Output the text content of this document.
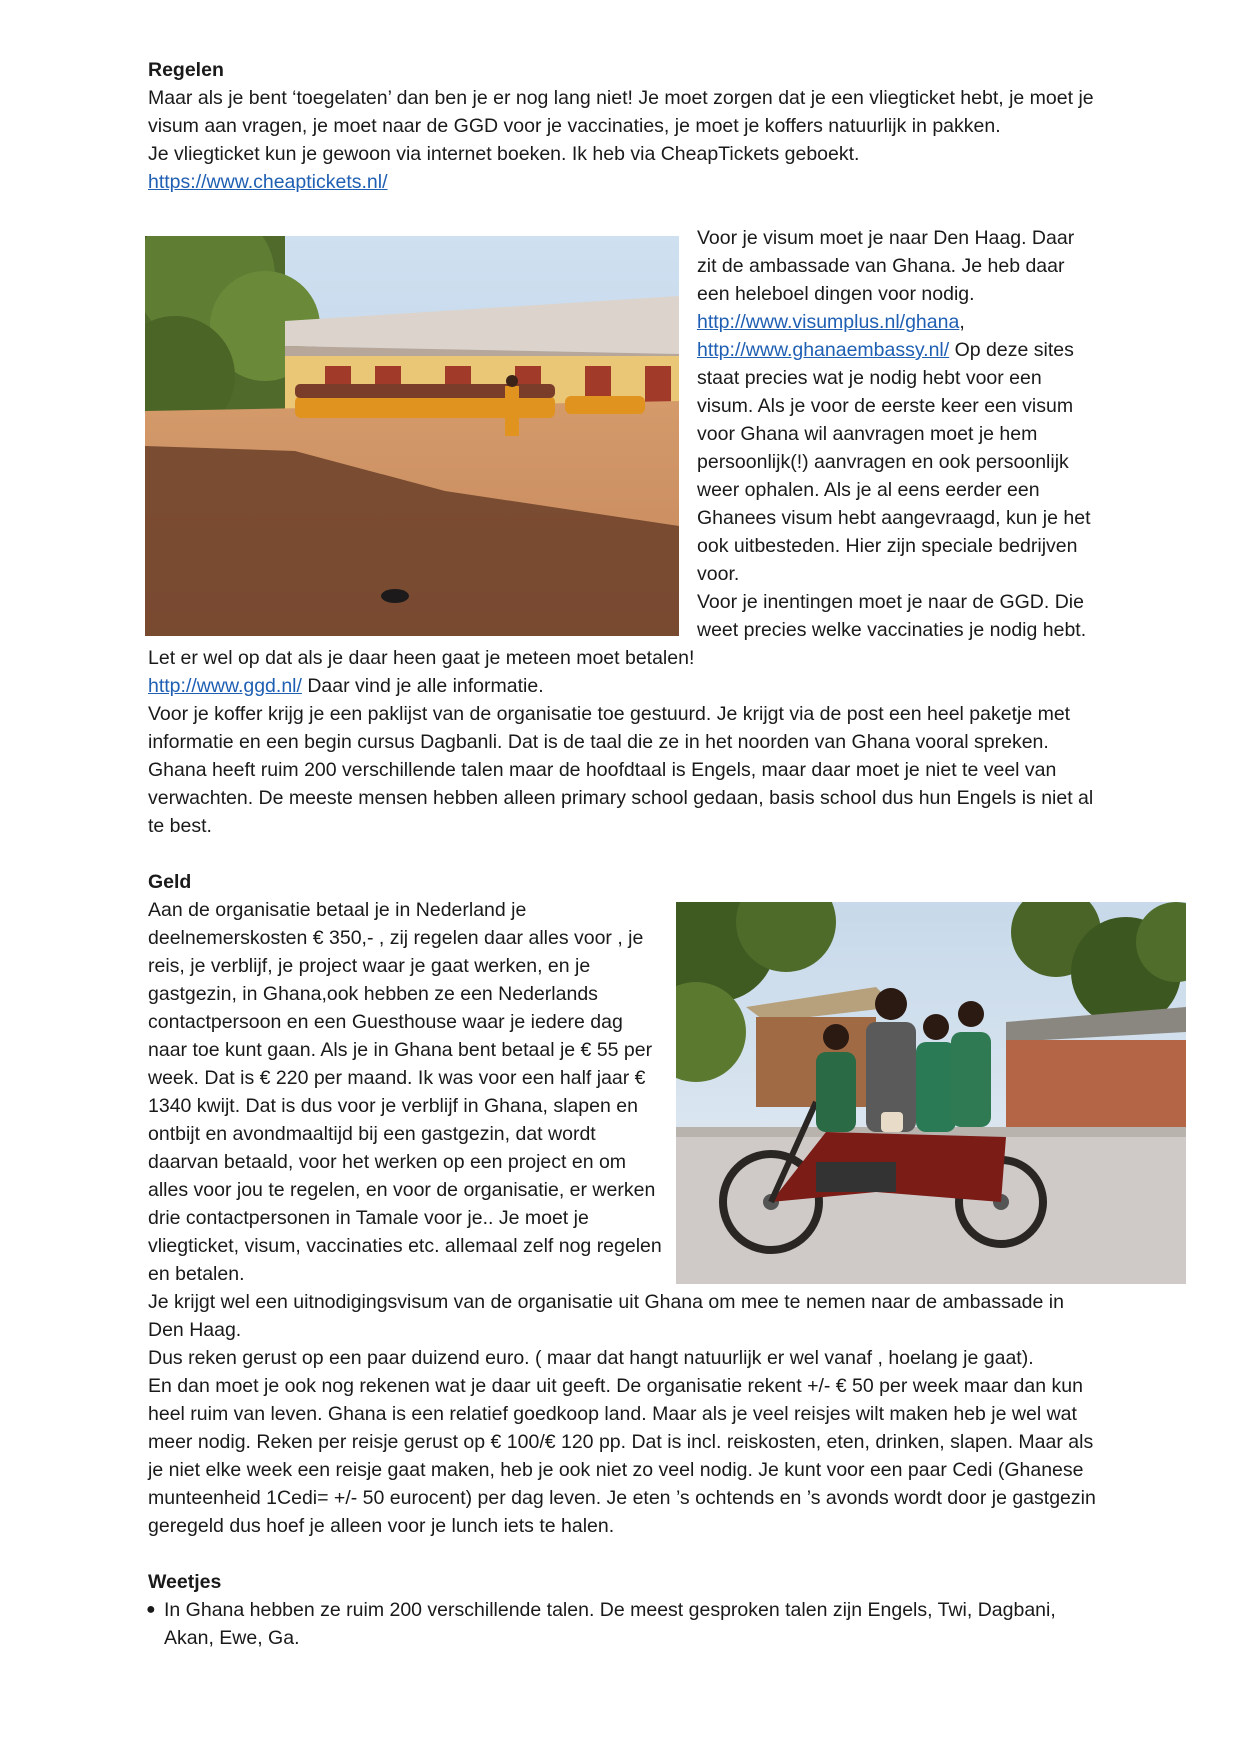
Regelen

Maar als je bent ‘toegelaten’ dan ben je er nog lang niet! Je moet zorgen dat je een vliegticket hebt, je moet je visum aan vragen, je moet naar de GGD voor je vaccinaties, je moet je koffers natuurlijk in pakken.

Je vliegticket kun je gewoon via internet boeken. Ik heb via CheapTickets geboekt.

https://www.cheaptickets.nl/

Voor je visum moet je naar Den Haag. Daar zit de ambassade van Ghana. Je heb daar een heleboel dingen voor nodig.
http://www.visumplus.nl/ghana,
http://www.ghanaembassy.nl/ Op deze sites staat precies wat je nodig hebt voor een visum. Als je voor de eerste keer een visum voor Ghana wil aanvragen moet je hem persoonlijk(!) aanvragen en ook persoonlijk weer ophalen. Als je al eens eerder een Ghanees visum hebt aangevraagd, kun je het ook uitbesteden. Hier zijn speciale bedrijven voor.

Voor je inentingen moet je naar de GGD. Die weet precies welke vaccinaties je nodig hebt. Let er wel op dat als je daar heen gaat je meteen moet betalen!

http://www.ggd.nl/ Daar vind je alle informatie.

Voor je koffer krijg je een paklijst van de organisatie toe gestuurd. Je krijgt via de post een heel paketje met informatie en een begin cursus Dagbanli. Dat is de taal die ze in het noorden van Ghana vooral spreken. Ghana heeft ruim 200 verschillende talen maar de hoofdtaal is Engels, maar daar moet je niet te veel van verwachten. De meeste mensen hebben alleen primary school gedaan, basis school dus hun Engels is niet al te best.

Geld

Aan de organisatie betaal je in Nederland je deelnemerskosten € 350,- , zij regelen daar alles voor , je reis, je verblijf, je project waar je gaat werken, en je gastgezin, in Ghana,ook hebben ze een Nederlands contactpersoon en een Guesthouse waar je iedere dag naar toe kunt gaan. Als je in Ghana bent betaal je € 55 per week. Dat is € 220 per maand. Ik was voor een half jaar € 1340 kwijt. Dat is dus voor je verblijf in Ghana, slapen en ontbijt en avondmaaltijd bij een gastgezin, dat wordt daarvan betaald, voor het werken op een project en om alles voor jou te regelen, en voor de organisatie, er werken drie contactpersonen in Tamale voor je.. Je moet je vliegticket, visum, vaccinaties etc. allemaal zelf nog regelen en betalen.

Je krijgt wel een uitnodigingsvisum van de organisatie uit Ghana om mee te nemen naar de ambassade in Den Haag.

Dus reken gerust op een paar duizend euro. ( maar dat hangt natuurlijk er wel vanaf , hoelang je gaat).

En dan moet je ook nog rekenen wat je daar uit geeft. De organisatie rekent +/- € 50 per week maar dan kun heel ruim van leven. Ghana is een relatief goedkoop land. Maar als je veel reisjes wilt maken heb je wel wat meer nodig. Reken per reisje gerust op € 100/€ 120 pp. Dat is incl. reiskosten, eten, drinken, slapen. Maar als je niet elke week een reisje gaat maken, heb je ook niet zo veel nodig. Je kunt voor een paar Cedi (Ghanese munteenheid 1Cedi= +/- 50 eurocent) per dag leven. Je eten ’s ochtends en ’s avonds wordt door je gastgezin geregeld dus hoef je alleen voor je lunch iets te halen.

Weetjes
● In Ghana hebben ze ruim 200 verschillende talen. De meest gesproken talen zijn Engels, Twi, Dagbani, Akan, Ewe, Ga.
